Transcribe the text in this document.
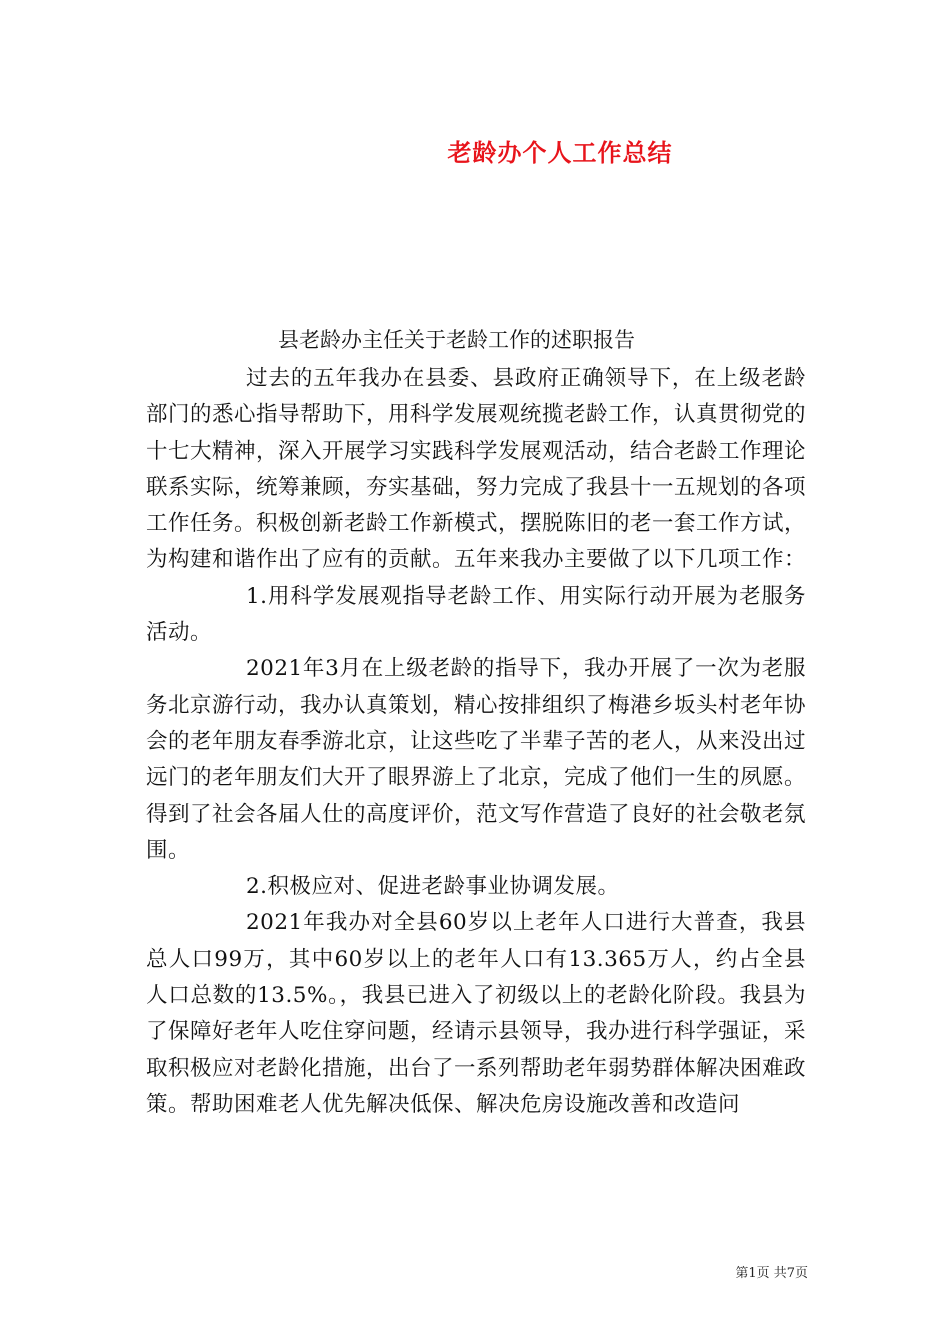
老龄办个人工作总结
县老龄办主任关于老龄工作的述职报告

过去的五年我办在县委、县政府正确领导下，在上级老龄部门的悉心指导帮助下，用科学发展观统揽老龄工作，认真贯彻党的十七大精神，深入开展学习实践科学发展观活动，结合老龄工作理论联系实际，统筹兼顾，夯实基础，努力完成了我县十一五规划的各项工作任务。积极创新老龄工作新模式，摆脱陈旧的老一套工作方试，为构建和谐作出了应有的贡献。五年来我办主要做了以下几项工作：

1.用科学发展观指导老龄工作、用实际行动开展为老服务活动。

2021年3月在上级老龄的指导下，我办开展了一次为老服务北京游行动，我办认真策划，精心按排组织了梅港乡坂头村老年协会的老年朋友春季游北京，让这些吃了半辈子苦的老人，从来没出过远门的老年朋友们大开了眼界游上了北京，完成了他们一生的夙愿。得到了社会各届人仕的高度评价，范文写作营造了良好的社会敬老氛围。

2.积极应对、促进老龄事业协调发展。

2021年我办对全县60岁以上老年人口进行大普查，我县总人口99万，其中60岁以上的老年人口有13.365万人，约占全县人口总数的13.5%。，我县已进入了初级以上的老龄化阶段。我县为了保障好老年人吃住穿问题，经请示县领导，我办进行科学强证，采取积极应对老龄化措施，出台了一系列帮助老年弱势群体解决困难政策。帮助困难老人优先解决低保、解决危房设施改善和改造问

第1页 共7页
